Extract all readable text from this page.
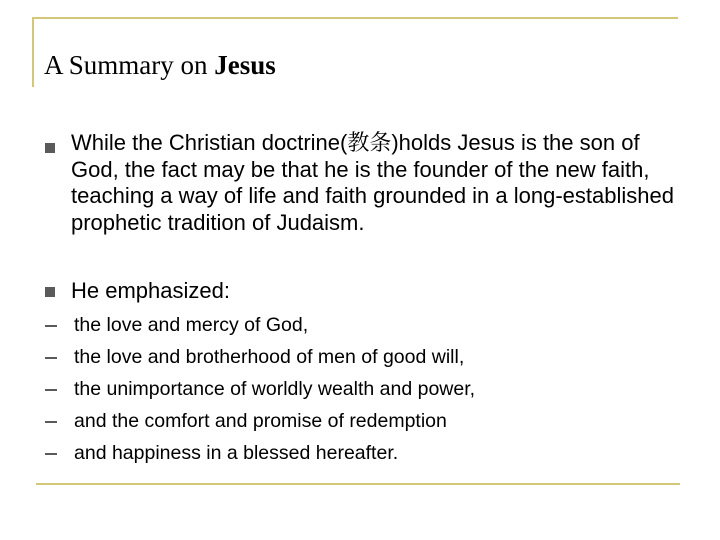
A Summary on Jesus

While the Christian doctrine(教条)holds Jesus is the son of God, the fact may be that he is the founder of the new faith, teaching a way of life and faith grounded in a long-established prophetic tradition of Judaism.

He emphasized:

the love and mercy of God,

the love and brotherhood of men of good will,

the unimportance of worldly wealth and power,

and the comfort and promise of redemption

and happiness in a blessed hereafter.
